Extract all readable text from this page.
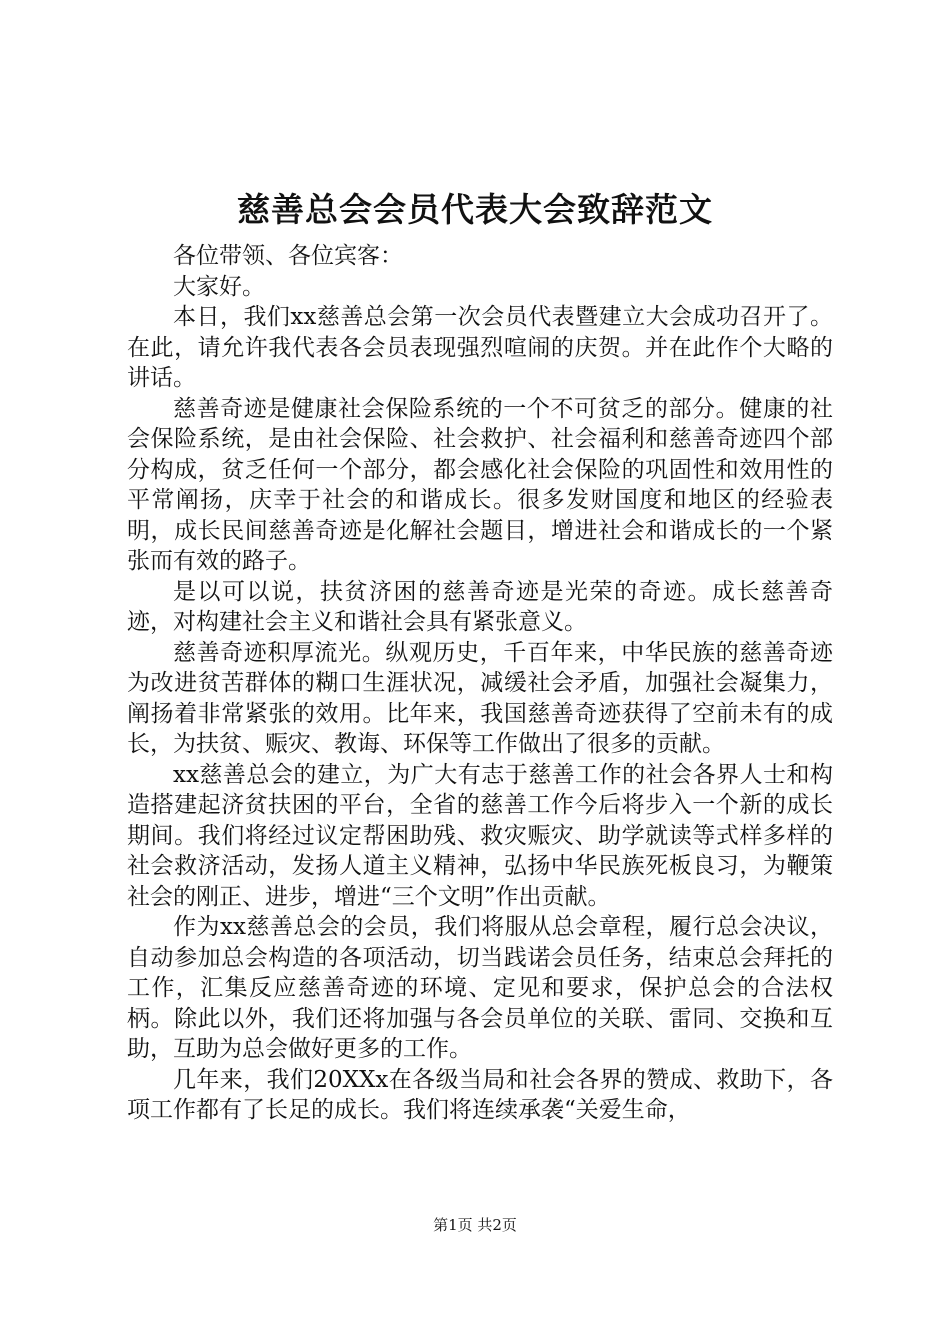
慈善总会会员代表大会致辞范文

各位带领、各位宾客：

大家好。

本日，我们xx慈善总会第一次会员代表暨建立大会成功召开了。在此，请允许我代表各会员表现强烈喧闹的庆贺。并在此作个大略的讲话。

慈善奇迹是健康社会保险系统的一个不可贫乏的部分。健康的社会保险系统，是由社会保险、社会救护、社会福利和慈善奇迹四个部分构成，贫乏任何一个部分，都会感化社会保险的巩固性和效用性的平常阐扬，庆幸于社会的和谐成长。很多发财国度和地区的经验表明，成长民间慈善奇迹是化解社会题目，增进社会和谐成长的一个紧张而有效的路子。

是以可以说，扶贫济困的慈善奇迹是光荣的奇迹。成长慈善奇迹，对构建社会主义和谐社会具有紧张意义。

慈善奇迹积厚流光。纵观历史，千百年来，中华民族的慈善奇迹为改进贫苦群体的糊口生涯状况，减缓社会矛盾，加强社会凝集力，阐扬着非常紧张的效用。比年来，我国慈善奇迹获得了空前未有的成长，为扶贫、赈灾、教诲、环保等工作做出了很多的贡献。

xx慈善总会的建立，为广大有志于慈善工作的社会各界人士和构造搭建起济贫扶困的平台，全省的慈善工作今后将步入一个新的成长期间。我们将经过议定帮困助残、救灾赈灾、助学就读等式样多样的社会救济活动，发扬人道主义精神，弘扬中华民族死板良习，为鞭策社会的刚正、进步，增进“三个文明”作出贡献。

作为xx慈善总会的会员，我们将服从总会章程，履行总会决议，自动参加总会构造的各项活动，切当践诺会员任务，结束总会拜托的工作，汇集反应慈善奇迹的环境、定见和要求，保护总会的合法权柄。除此以外，我们还将加强与各会员单位的关联、雷同、交换和互助，互助为总会做好更多的工作。

几年来，我们20XXx在各级当局和社会各界的赞成、救助下，各项工作都有了长足的成长。我们将连续承袭“关爱生命，

第1页 共2页
